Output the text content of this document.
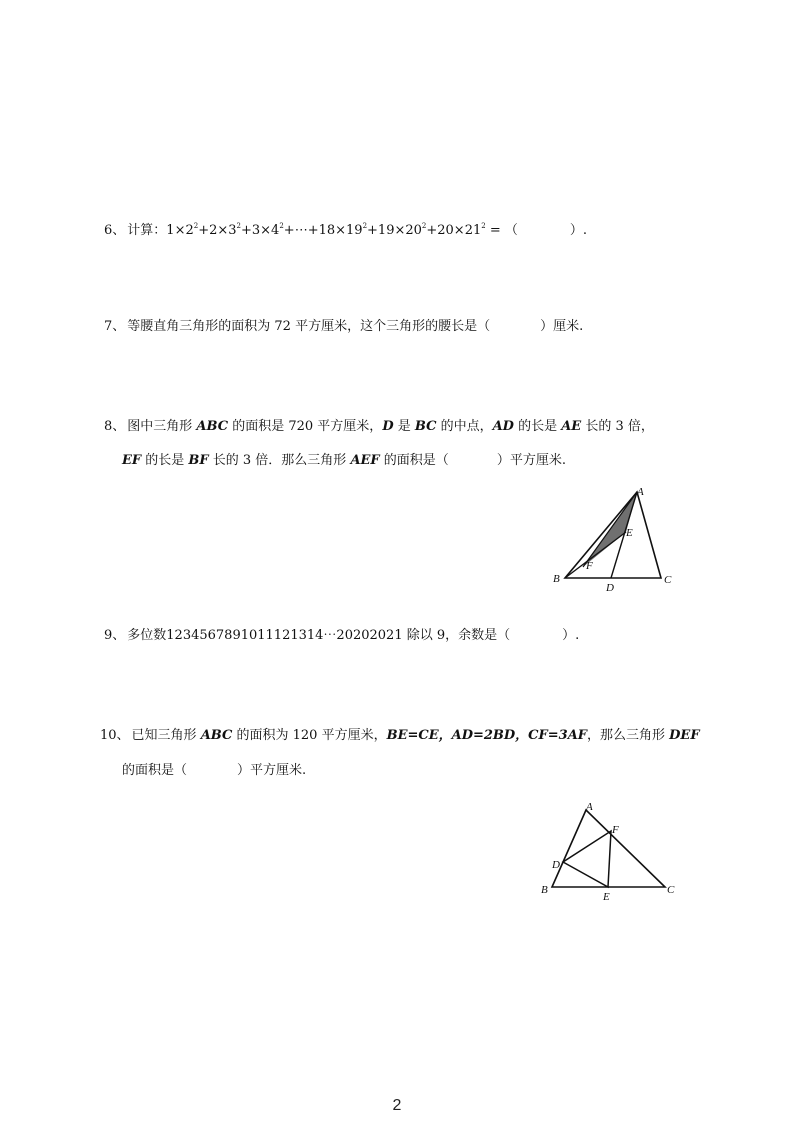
6、 计算：$1\times 2^2+2\times 3^2+3\times 4^2+\cdots+18\times 19^2+19\times 20^2+20\times 21^2$ = （	）.
7、 等腰直角三角形的面积为 72 平方厘米，这个三角形的腰长是（	）厘米.
8、 图中三角形 ABC 的面积是 720 平方厘米，D 是 BC 的中点，AD 的长是 AE 长的 3 倍，
EF 的长是 BF 长的 3 倍．那么三角形 AEF 的面积是（	）平方厘米.
A
B	C
D
E
F
9、 多位数1234567891011121314⋯20202021 除以 9，余数是（	）.
10、 已知三角形 ABC 的面积为 120 平方厘米，BE=CE，AD=2BD，CF=3AF，那么三角形 DEF
的面积是（	）平方厘米.
A
B	C
D
E
F
2
